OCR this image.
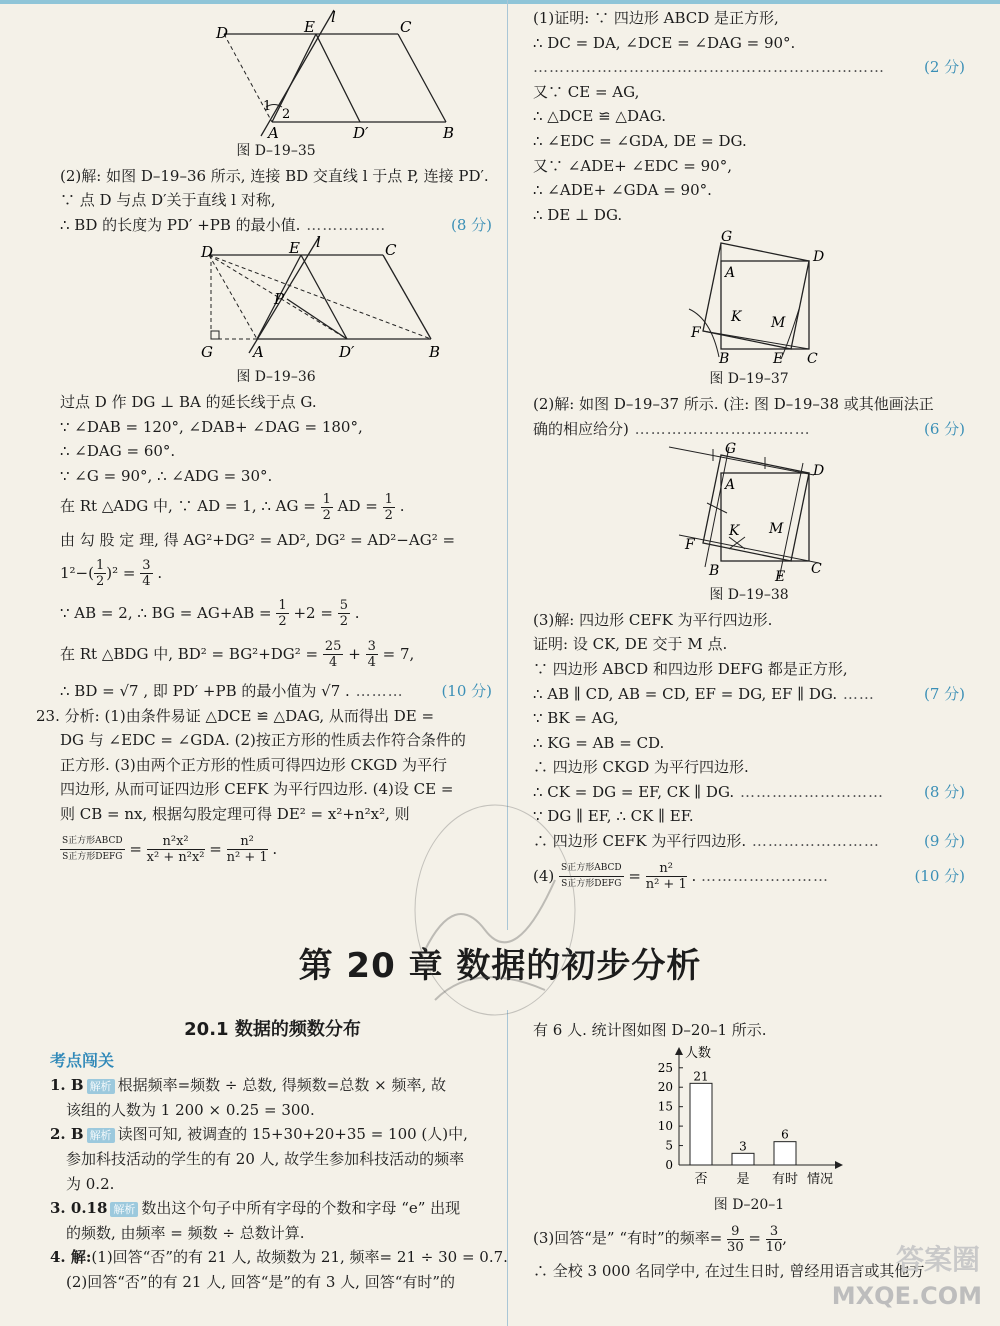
D	E
l
C
A	D′	B
1
2
图 D–19–35
(2)解: 如图 D–19–36 所示, 连接 BD 交直线 l 于点 P, 连接 PD′.
∵ 点 D 与点 D′关于直线 l 对称,
∴ BD 的长度为 PD′ +PB 的最小值. ……………	(8 分)
D	E l	C
P
G	A	D′	B
图 D–19–36
过点 D 作 DG ⊥ BA 的延长线于点 G.
∵ ∠DAB = 120°, ∠DAB+ ∠DAG = 180°,
∴ ∠DAG = 60°.
∵ ∠G = 90°, ∴ ∠ADG = 30°.
在 Rt △ADG 中, ∵ AD = 1, ∴ AG = $\frac{1}{2}$ AD = $\frac{1}{2}$ .
由 勾 股 定 理, 得 AG²+DG² = AD², DG² = AD²−AG² =
$1^2-( \frac{1}{2} )^2 = \frac{3}{4}$ .
∵ AB = 2, ∴ BG = $AG+AB = \frac{1}{2} +2 = \frac{5}{2}$ .
在 Rt △BDG 中, $BD^2 = BG^2+DG^2 = \frac{25}{4} + \frac{3}{4} = 7$,
∴ BD = √7 , 即 PD′ +PB 的最小值为 √7 . ………	(10 分)
23. 分析: (1)由条件易证 △DCE ≌ △DAG, 从而得出 DE =
DG 与 ∠EDC = ∠GDA. (2)按正方形的性质去作符合条件的
正方形. (3)由两个正方形的性质可得四边形 CKGD 为平行
四边形, 从而可证四边形 CEFK 为平行四边形. (4)设 CE =
则 CB = nx, 根据勾股定理可得 DE² = x²+n²x², 则
$\frac{\text{S正方形ABCD}}{\text{S正方形DEFG}} = \frac{\text{n²x²}}{\text{x² + n²x²}} = \frac{\text{n²}}{\text{n² + 1}}$ .
(1)证明: ∵ 四边形 ABCD 是正方形,
∴ DC = DA, ∠DCE = ∠DAG = 90°.
…………………………………………………………	(2 分)
又∵ CE = AG,
∴ △DCE ≌ △DAG.
∴ ∠EDC = ∠GDA, DE = DG.
又∵ ∠ADE+ ∠EDC = 90°,
∴ ∠ADE+ ∠GDA = 90°.
∴ DE ⊥ DG.
G
A
D
K M
F
B	E C
图 D–19–37
(2)解: 如图 D–19–37 所示. (注: 图 D–19–38 或其他画法正
确的相应给分) ……………………………	(6 分)
G
A
D
K M
F
B	E C
图 D–19–38
(3)解: 四边形 CEFK 为平行四边形.
证明: 设 CK, DE 交于 M 点.
∵ 四边形 ABCD 和四边形 DEFG 都是正方形,
∴ AB ∥ CD, AB = CD, EF = DG, EF ∥ DG. ……	(7 分)
∵ BK = AG,
∴ KG = AB = CD.
∴ 四边形 CKGD 为平行四边形.
∴ CK = DG = EF, CK ∥ DG. ………………………	(8 分)
∵ DG ∥ EF, ∴ CK ∥ EF.
∴ 四边形 CEFK 为平行四边形. ……………………	(9 分)
$(4) \frac{\text{S正方形ABCD}}{\text{S正方形DEFG}} = \frac{\text{n²}}{\text{n² + 1}}$ . ……………………	(10 分)
第 20 章 数据的初步分析
20.1 数据的频数分布
考点闯关
1. B 解析 根据频率=频数 ÷ 总数, 得频数=总数 × 频率, 故
该组的人数为 1 200 × 0.25 = 300.
2. B 解析 读图可知, 被调查的 15+30+20+35 = 100 (人)中,
参加科技活动的学生的有 20 人, 故学生参加科技活动的频率
为 0.2.
3. 0.18 解析 数出这个句子中所有字母的个数和字母 “e” 出现
的频数, 由频率 = 频数 ÷ 总数计算.
4. 解:(1)回答“否”的有 21 人, 故频数为 21, 频率= 21 ÷ 30 = 0.7.
(2)回答“否”的有 21 人, 回答“是”的有 3 人, 回答“有时”的
有 6 人. 统计图如图 D–20–1 所示.
人数
情况
0
5
10
15
20
25
21
否
3
是
6
有时
图 D–20–1
(3)回答“是” “有时”的频率= $\frac{9}{30} = \frac{3}{10}$ ,
∴ 全校 3 000 名同学中, 在过生日时, 曾经用语言或其他方
答案圈
MXQE.COM
